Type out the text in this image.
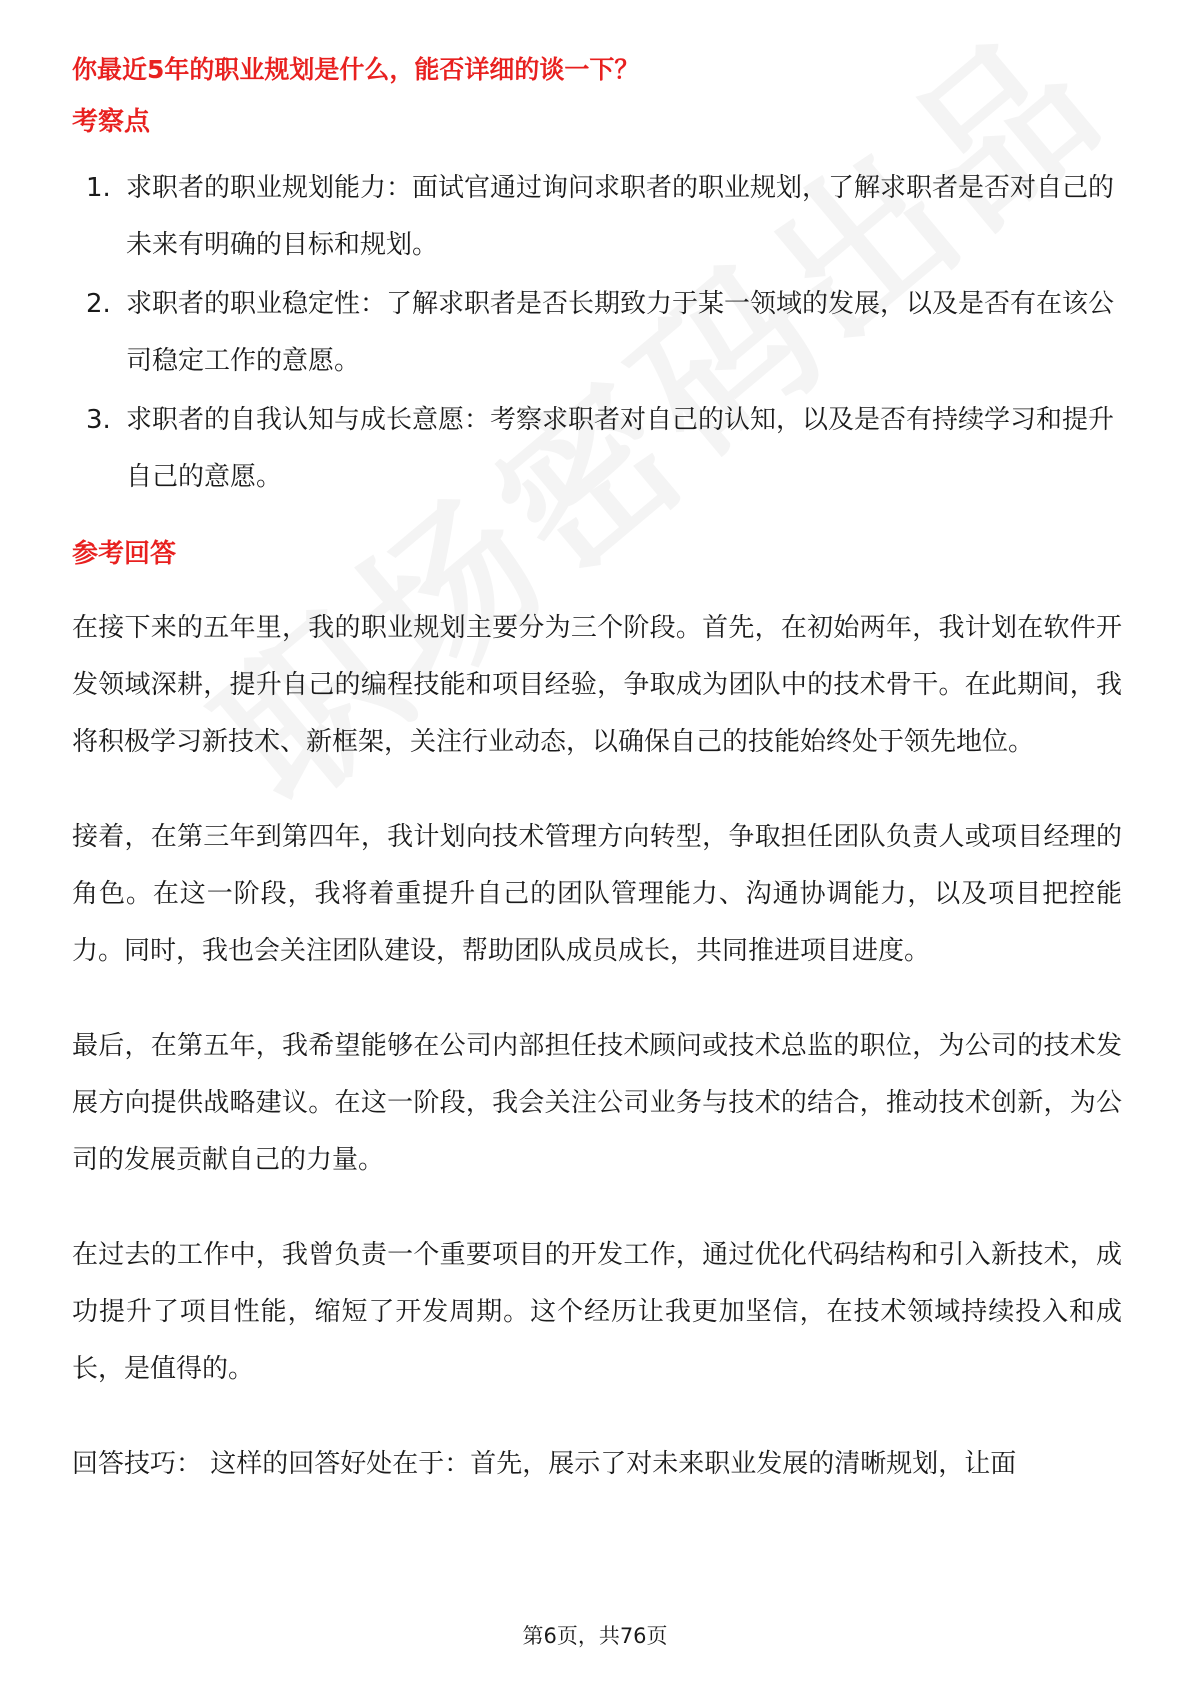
你最近5年的职业规划是什么，能否详细的谈一下？
考察点
1. 求职者的职业规划能力：面试官通过询问求职者的职业规划，了解求职者是否对自己的未来有明确的目标和规划。
2. 求职者的职业稳定性：了解求职者是否长期致力于某一领域的发展，以及是否有在该公司稳定工作的意愿。
3. 求职者的自我认知与成长意愿：考察求职者对自己的认知，以及是否有持续学习和提升自己的意愿。
参考回答

在接下来的五年里，我的职业规划主要分为三个阶段。首先，在初始两年，我计划在软件开发领域深耕，提升自己的编程技能和项目经验，争取成为团队中的技术骨干。在此期间，我将积极学习新技术、新框架，关注行业动态，以确保自己的技能始终处于领先地位。

接着，在第三年到第四年，我计划向技术管理方向转型，争取担任团队负责人或项目经理的角色。在这一阶段，我将着重提升自己的团队管理能力、沟通协调能力，以及项目把控能力。同时，我也会关注团队建设，帮助团队成员成长，共同推进项目进度。

最后，在第五年，我希望能够在公司内部担任技术顾问或技术总监的职位，为公司的技术发展方向提供战略建议。在这一阶段，我会关注公司业务与技术的结合，推动技术创新，为公司的发展贡献自己的力量。

在过去的工作中，我曾负责一个重要项目的开发工作，通过优化代码结构和引入新技术，成功提升了项目性能，缩短了开发周期。这个经历让我更加坚信，在技术领域持续投入和成长，是值得的。

回答技巧： 这样的回答好处在于：首先，展示了对未来职业发展的清晰规划，让面

第6页，共76页
